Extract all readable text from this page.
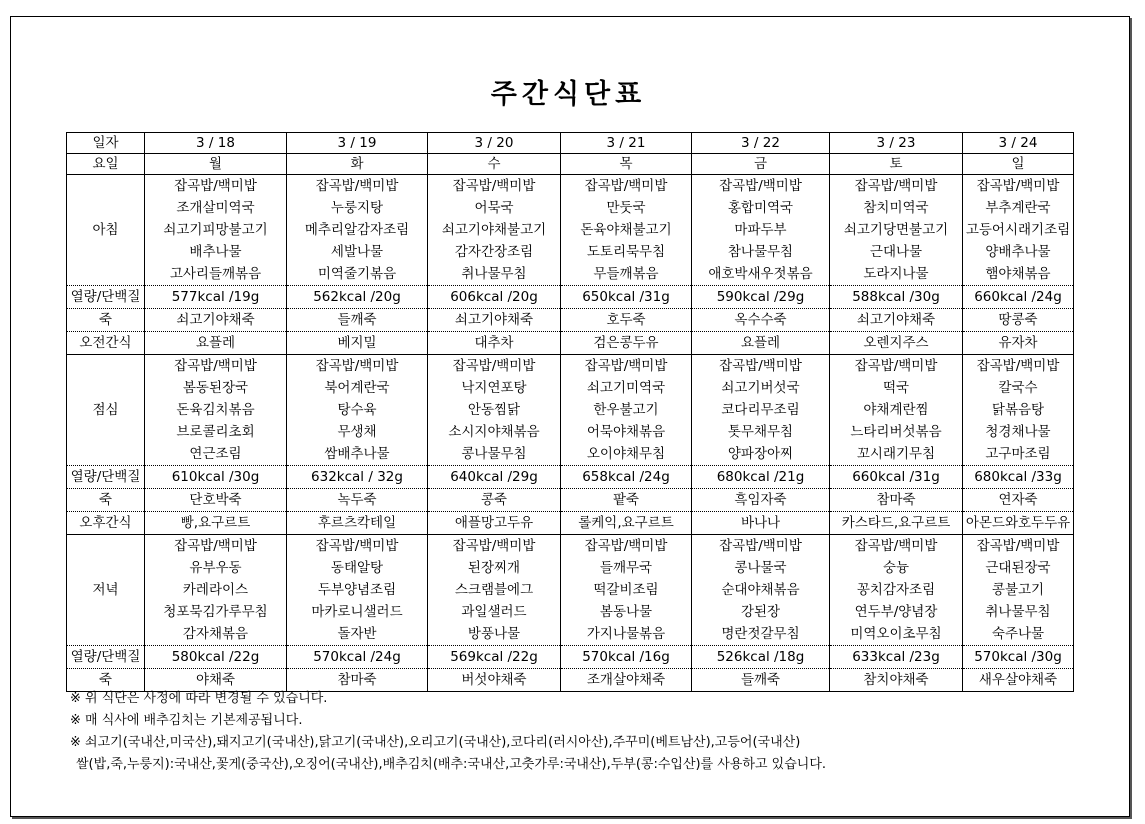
주간식단표
일자	3 / 18	3 / 19	3 / 20	3 / 21	3 / 22	3 / 23	3 / 24
요일	월	화	수	목	금	토	일
아침	잡곡밥/백미밥	잡곡밥/백미밥	잡곡밥/백미밥	잡곡밥/백미밥	잡곡밥/백미밥	잡곡밥/백미밥	잡곡밥/백미밥
	조개살미역국	누룽지탕	어묵국	만둣국	홍합미역국	참치미역국	부추계란국
	쇠고기피망불고기	메추리알감자조림	쇠고기야채불고기	돈육야채불고기	마파두부	쇠고기당면불고기	고등어시래기조림
	배추나물	세발나물	감자간장조림	도토리묵무침	참나물무침	근대나물	양배추나물
	고사리들깨볶음	미역줄기볶음	취나물무침	무들깨볶음	애호박새우젓볶음	도라지나물	햄야채볶음
열량/단백질	577kcal /19g	562kcal /20g	606kcal /20g	650kcal /31g	590kcal /29g	588kcal /30g	660kcal /24g
죽	쇠고기야채죽	들깨죽	쇠고기야채죽	호두죽	옥수수죽	쇠고기야채죽	땅콩죽
오전간식	요플레	베지밀	대추차	검은콩두유	요플레	오렌지주스	유자차
점심	잡곡밥/백미밥	잡곡밥/백미밥	잡곡밥/백미밥	잡곡밥/백미밥	잡곡밥/백미밥	잡곡밥/백미밥	잡곡밥/백미밥
	봄동된장국	북어계란국	낙지연포탕	쇠고기미역국	쇠고기버섯국	떡국	칼국수
	돈육김치볶음	탕수육	안동찜닭	한우불고기	코다리무조림	야채계란찜	닭볶음탕
	브로콜리초회	무생채	소시지야채볶음	어묵야채볶음	톳무채무침	느타리버섯볶음	청경채나물
	연근조림	쌈배추나물	콩나물무침	오이야채무침	양파장아찌	꼬시래기무침	고구마조림
열량/단백질	610kcal /30g	632kcal / 32g	640kcal /29g	658kcal /24g	680kcal /21g	660kcal /31g	680kcal /33g
죽	단호박죽	녹두죽	콩죽	팥죽	흑임자죽	참마죽	연자죽
오후간식	빵,요구르트	후르츠칵테일	애플망고두유	롤케익,요구르트	바나나	카스타드,요구르트	아몬드와호두두유
저녁	잡곡밥/백미밥	잡곡밥/백미밥	잡곡밥/백미밥	잡곡밥/백미밥	잡곡밥/백미밥	잡곡밥/백미밥	잡곡밥/백미밥
	유부우동	동태알탕	된장찌개	들깨무국	콩나물국	숭늉	근대된장국
	카레라이스	두부양념조림	스크램블에그	떡갈비조림	순대야채볶음	꽁치감자조림	콩불고기
	청포묵김가루무침	마카로니샐러드	과일샐러드	봄동나물	강된장	연두부/양념장	취나물무침
	감자채볶음	돌자반	방풍나물	가지나물볶음	명란젓갈무침	미역오이초무침	숙주나물
열량/단백질	580kcal /22g	570kcal /24g	569kcal /22g	570kcal /16g	526kcal /18g	633kcal /23g	570kcal /30g
죽	야채죽	참마죽	버섯야채죽	조개살야채죽	들깨죽	참치야채죽	새우살야채죽
※ 위 식단은 사정에 따라 변경될 수 있습니다.
※ 매 식사에 배추김치는 기본제공됩니다.
※ 쇠고기(국내산,미국산),돼지고기(국내산),닭고기(국내산),오리고기(국내산),코다리(러시아산),주꾸미(베트남산),고등어(국내산)
쌀(밥,죽,누룽지):국내산,꽃게(중국산),오징어(국내산),배추김치(배추:국내산,고춧가루:국내산),두부(콩:수입산)를 사용하고 있습니다.
